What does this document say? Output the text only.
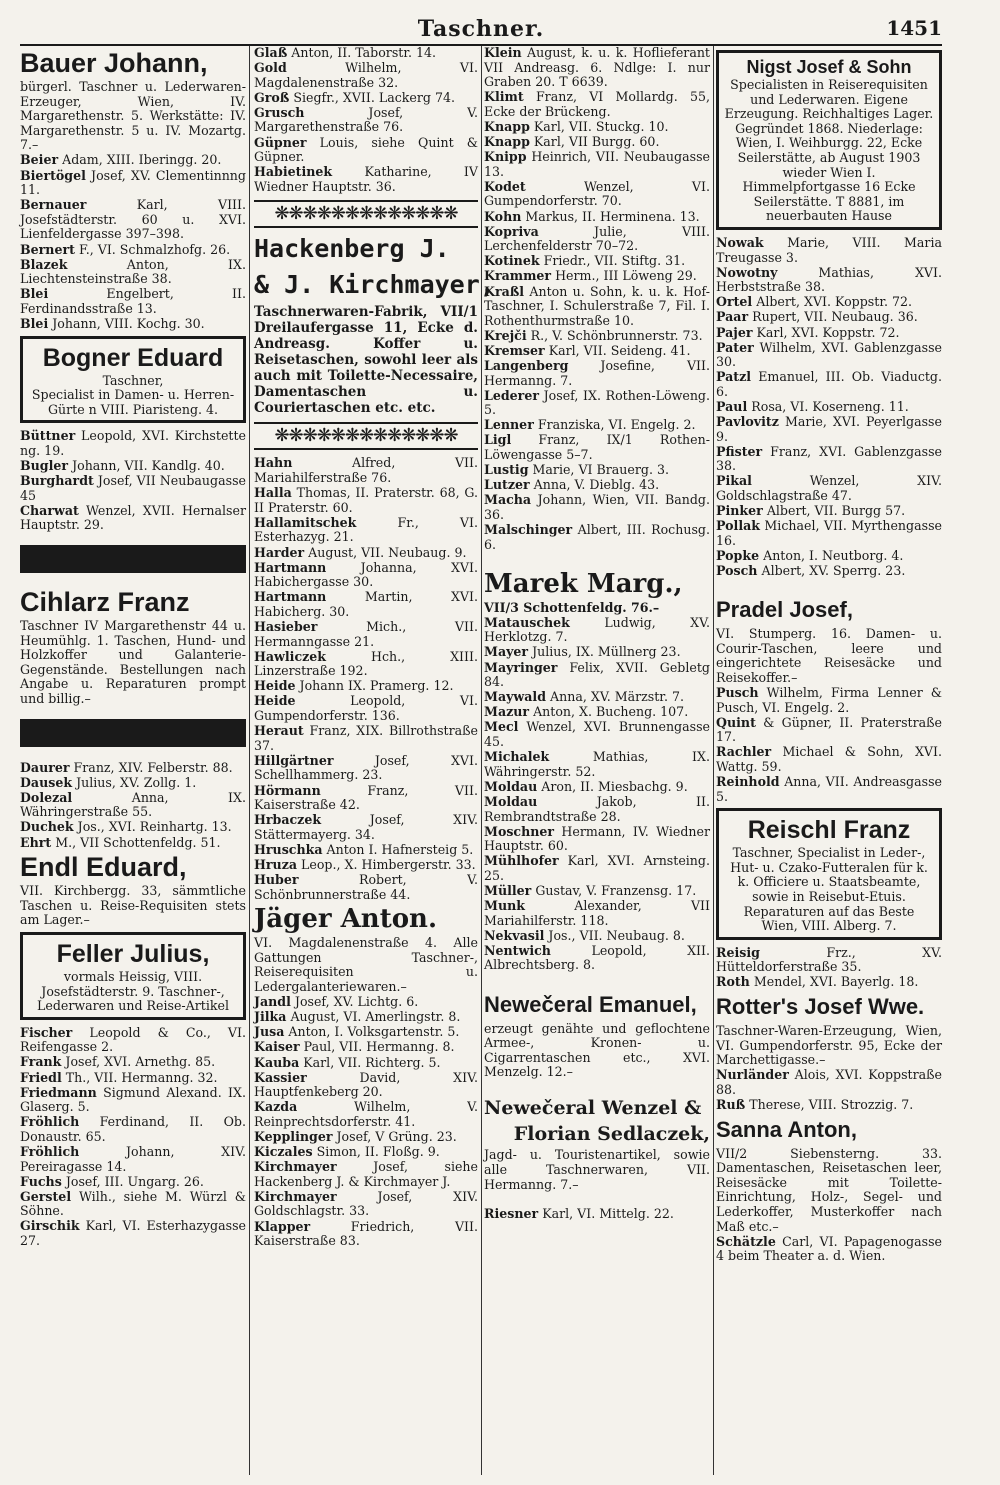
Taschner.	1451
Bauer Johann,
bürgerl. Taschner u. Lederwaren-Erzeuger, Wien, IV. Margarethenstr. 5. Werkstätte: IV. Margarethenstr. 5 u. IV. Mozartg. 7.–
Beier Adam, XIII. Iberingg. 20.
Biertögel Josef, XV. Clementinnng 11.
Bernauer	Karl, VIII. Josefstädterstr. 60 u. XVI. Lienfeldergasse 397–398.
Bernert F., VI. Schmalzhofg. 26.
Blazek	Anton, IX. Liechtensteinstraße 38.
Blei	Engelbert, II. Ferdinandsstraße 13.
Blei Johann, VIII. Kochg. 30.
Bogner Eduard
Taschner,
Specialist in Damen- u. Herren-Gürte n VIII. Piaristeng. 4.
Büttner Leopold, XVI. Kirchstette ng. 19.
Bugler Johann, VII. Kandlg. 40.
Burghardt Josef, VII Neubaugasse 45
Charwat Wenzel, XVII. Hernalser Hauptstr. 29.
Cihlarz Franz
Taschner IV Margarethenstr 44 u. Heumühlg. 1. Taschen, Hund- und Holzkoffer und Galanterie-Gegenstände. Bestellungen nach Angabe u. Reparaturen prompt und billig.–
Daurer Franz, XIV. Felberstr. 88.
Dausek Julius, XV. Zollg. 1.
Dolezal	Anna, IX. Währingerstraße 55.
Duchek Jos., XVI. Reinhartg. 13.
Ehrt M., VII Schottenfeldg. 51.
Endl Eduard,
VII. Kirchbergg. 33, sämmtliche Taschen u. Reise-Requisiten stets am Lager.–
Feller Julius,
vormals Heissig, VIII. Josefstädterstr. 9. Taschner-, Lederwaren und Reise-Artikel
Fischer Leopold & Co., VI. Reifengasse 2.
Frank Josef, XVI. Arnethg. 85.
Friedl Th., VII. Hermanng. 32.
Friedmann Sigmund Alexand. IX. Glaserg. 5.
Fröhlich Ferdinand, II. Ob. Donaustr. 65.
Fröhlich	Johann, XIV. Pereiragasse 14.
Fuchs Josef, III. Ungarg. 26.
Gerstel Wilh., siehe M. Würzl & Söhne.
Girschik Karl, VI. Esterhazygasse 27.
Glaß Anton, II. Taborstr. 14.
Gold	Wilhelm, VI. Magdalenenstraße 32.
Groß Siegfr., XVII. Lackerg 74.
Grusch	Josef, V. Margarethenstraße 76.
Güpner Louis, siehe Quint & Güpner.
Habietinek	Katharine, IV Wiedner Hauptstr. 36.
❋❋❋❋❋❋❋❋❋❋❋❋❋
Hackenberg J.
& J. Kirchmayer,
Taschnerwaren-Fabrik, VII/1 Dreilaufergasse 11, Ecke d. Andreasg. Koffer u. Reisetaschen, sowohl leer als auch mit Toilette-Necessaire, Damentaschen u. Couriertaschen etc. etc.
❋❋❋❋❋❋❋❋❋❋❋❋❋
Hahn	Alfred, VII. Mariahilferstraße 76.
Halla Thomas, II. Praterstr. 68, G. II Praterstr. 60.
Hallamitschek	Fr., VI. Esterhazyg. 21.
Harder August, VII. Neubaug. 9.
Hartmann	Johanna, XVI. Habichergasse 30.
Hartmann	Martin, XVI. Habicherg. 30.
Hasieber	Mich., VII. Hermanngasse 21.
Hawliczek	Hch., XIII. Linzerstraße 192.
Heide Johann IX. Pramerg. 12.
Heide	Leopold, VI. Gumpendorferstr. 136.
Heraut Franz, XIX. Billrothstraße 37.
Hillgärtner	Josef, XVI. Schellhammerg. 23.
Hörmann	Franz, VII. Kaiserstraße 42.
Hrbaczek	Josef, XIV. Stättermayerg. 34.
Hruschka Anton I. Hafnersteig 5.
Hruza Leop., X. Himbergerstr. 33.
Huber	Robert, V. Schönbrunnerstraße 44.
Jäger Anton.
VI. Magdalenenstraße 4. Alle Gattungen Taschner-, Reiserequisiten u. Ledergalanteriewaren.–
Jandl Josef, XV. Lichtg. 6.
Jilka August, VI. Amerlingstr. 8.
Jusa Anton, I. Volksgartenstr. 5.
Kaiser Paul, VII. Hermanng. 8.
Kauba Karl, VII. Richterg. 5.
Kassier	David, XIV. Hauptfenkeberg 20.
Kazda	Wilhelm, V. Reinprechtsdorferstr. 41.
Kepplinger Josef, V Grüng. 23.
Kiczales Simon, II. Floßg. 9.
Kirchmayer	Josef, siehe Hackenberg J. & Kirchmayer J.
Kirchmayer	Josef, XIV. Goldschlagstr. 33.
Klapper	Friedrich, VII. Kaiserstraße 83.
Klein August, k. u. k. Hoflieferant VII Andreasg. 6. Ndlge: I. nur Graben 20. T 6639.
Klimt Franz, VI Mollardg. 55, Ecke der Brückeng.
Knapp Karl, VII. Stuckg. 10.
Knapp Karl, VII Burgg. 60.
Knipp Heinrich, VII. Neubaugasse 13.
Kodet	Wenzel, VI. Gumpendorferstr. 70.
Kohn Markus, II. Herminena. 13.
Kopriva	Julie, VIII. Lerchenfelderstr 70–72.
Kotinek Friedr., VII. Stiftg. 31.
Krammer Herm., III Löweng 29.
Kraßl Anton u. Sohn, k. u. k. Hof-Taschner, I. Schulerstraße 7, Fil. I. Rothenthurmstraße 10.
Krejči R., V. Schönbrunnerstr. 73.
Kremser Karl, VII. Seideng. 41.
Langenberg	Josefine, VII. Hermanng. 7.
Lederer Josef, IX. Rothen-Löweng. 5.
Lenner Franziska, VI. Engelg. 2.
Ligl Franz, IX/1 Rothen-Löwengasse 5–7.
Lustig Marie, VI Brauerg. 3.
Lutzer Anna, V. Dieblg. 43.
Macha Johann, Wien, VII. Bandg. 36.
Malschinger Albert, III. Rochusg. 6.
Marek Marg.,
VII/3 Schottenfeldg. 76.–
Matauschek	Ludwig, XV. Herklotzg. 7.
Mayer Julius, IX. Müllnerg 23.
Mayringer Felix, XVII. Gebletg 84.
Maywald Anna, XV. Märzstr. 7.
Mazur Anton, X. Bucheng. 107.
Mecl Wenzel, XVI. Brunnengasse 45.
Michalek	Mathias, IX. Währingerstr. 52.
Moldau Aron, II. Miesbachg. 9.
Moldau	Jakob, II. Rembrandtstraße 28.
Moschner Hermann, IV. Wiedner Hauptstr. 60.
Mühlhofer Karl, XVI. Arnsteing. 25.
Müller Gustav, V. Franzensg. 17.
Munk	Alexander, VII Mariahilferstr. 118.
Nekvasil Jos., VII. Neubaug. 8.
Nentwich	Leopold, XII. Albrechtsberg. 8.
Newečeral Emanuel,
erzeugt genähte und geflochtene Armee-, Kronen- u. Cigarrentaschen etc., XVI. Menzelg. 12.–
Newečeral Wenzel &
Florian Sedlaczek,
Jagd- u. Touristenartikel, sowie alle Taschnerwaren, VII. Hermanng. 7.–
Riesner Karl, VI. Mittelg. 22.
Nigst Josef & Sohn
Specialisten in Reiserequisiten und Lederwaren. Eigene Erzeugung. Reichhaltiges Lager. Gegründet 1868. Niederlage: Wien, I. Weihburgg. 22, Ecke Seilerstätte, ab August 1903 wieder Wien I. Himmelpfortgasse 16 Ecke Seilerstätte. T 8881, im neuerbauten Hause
Nowak Marie, VIII. Maria Treugasse 3.
Nowotny	Mathias, XVI. Herbststraße 38.
Ortel Albert, XVI. Koppstr. 72.
Paar Rupert, VII. Neubaug. 36.
Pajer Karl, XVI. Koppstr. 72.
Pater Wilhelm, XVI. Gablenzgasse 30.
Patzl Emanuel, III. Ob. Viaductg. 6.
Paul Rosa, VI. Koserneng. 11.
Pavlovitz Marie, XVI. Peyerlgasse 9.
Pfister Franz, XVI. Gablenzgasse 38.
Pikal	Wenzel, XIV. Goldschlagstraße 47.
Pinker Albert, VII. Burgg 57.
Pollak Michael, VII. Myrthengasse 16.
Popke Anton, I. Neutborg. 4.
Posch Albert, XV. Sperrg. 23.
Pradel Josef,
VI. Stumperg. 16. Damen- u. Courir-Taschen, leere und eingerichtete Reisesäcke und Reisekoffer.–
Pusch Wilhelm, Firma Lenner & Pusch, VI. Engelg. 2.
Quint & Güpner, II. Praterstraße 17.
Rachler Michael & Sohn, XVI. Wattg. 59.
Reinhold Anna, VII. Andreasgasse 5.
Reischl Franz
Taschner, Specialist in Leder-, Hut- u. Czako-Futteralen für k. k. Officiere u. Staatsbeamte, sowie in Reisebut-Etuis. Reparaturen auf das Beste Wien, VIII. Alberg. 7.
Reisig	Frz., XV. Hütteldorferstraße 35.
Roth Mendel, XVI. Bayerlg. 18.
Rotter's Josef Wwe.
Taschner-Waren-Erzeugung, Wien, VI. Gumpendorferstr. 95, Ecke der Marchettigasse.–
Nurländer Alois, XVI. Koppstraße 88.
Ruß Therese, VIII. Strozzig. 7.
Sanna Anton,
VII/2 Siebensterng. 33. Damentaschen, Reisetaschen leer, Reisesäcke mit Toilette-Einrichtung, Holz-, Segel- und Lederkoffer, Musterkoffer nach Maß etc.–
Schätzle Carl, VI. Papagenogasse 4 beim Theater a. d. Wien.
